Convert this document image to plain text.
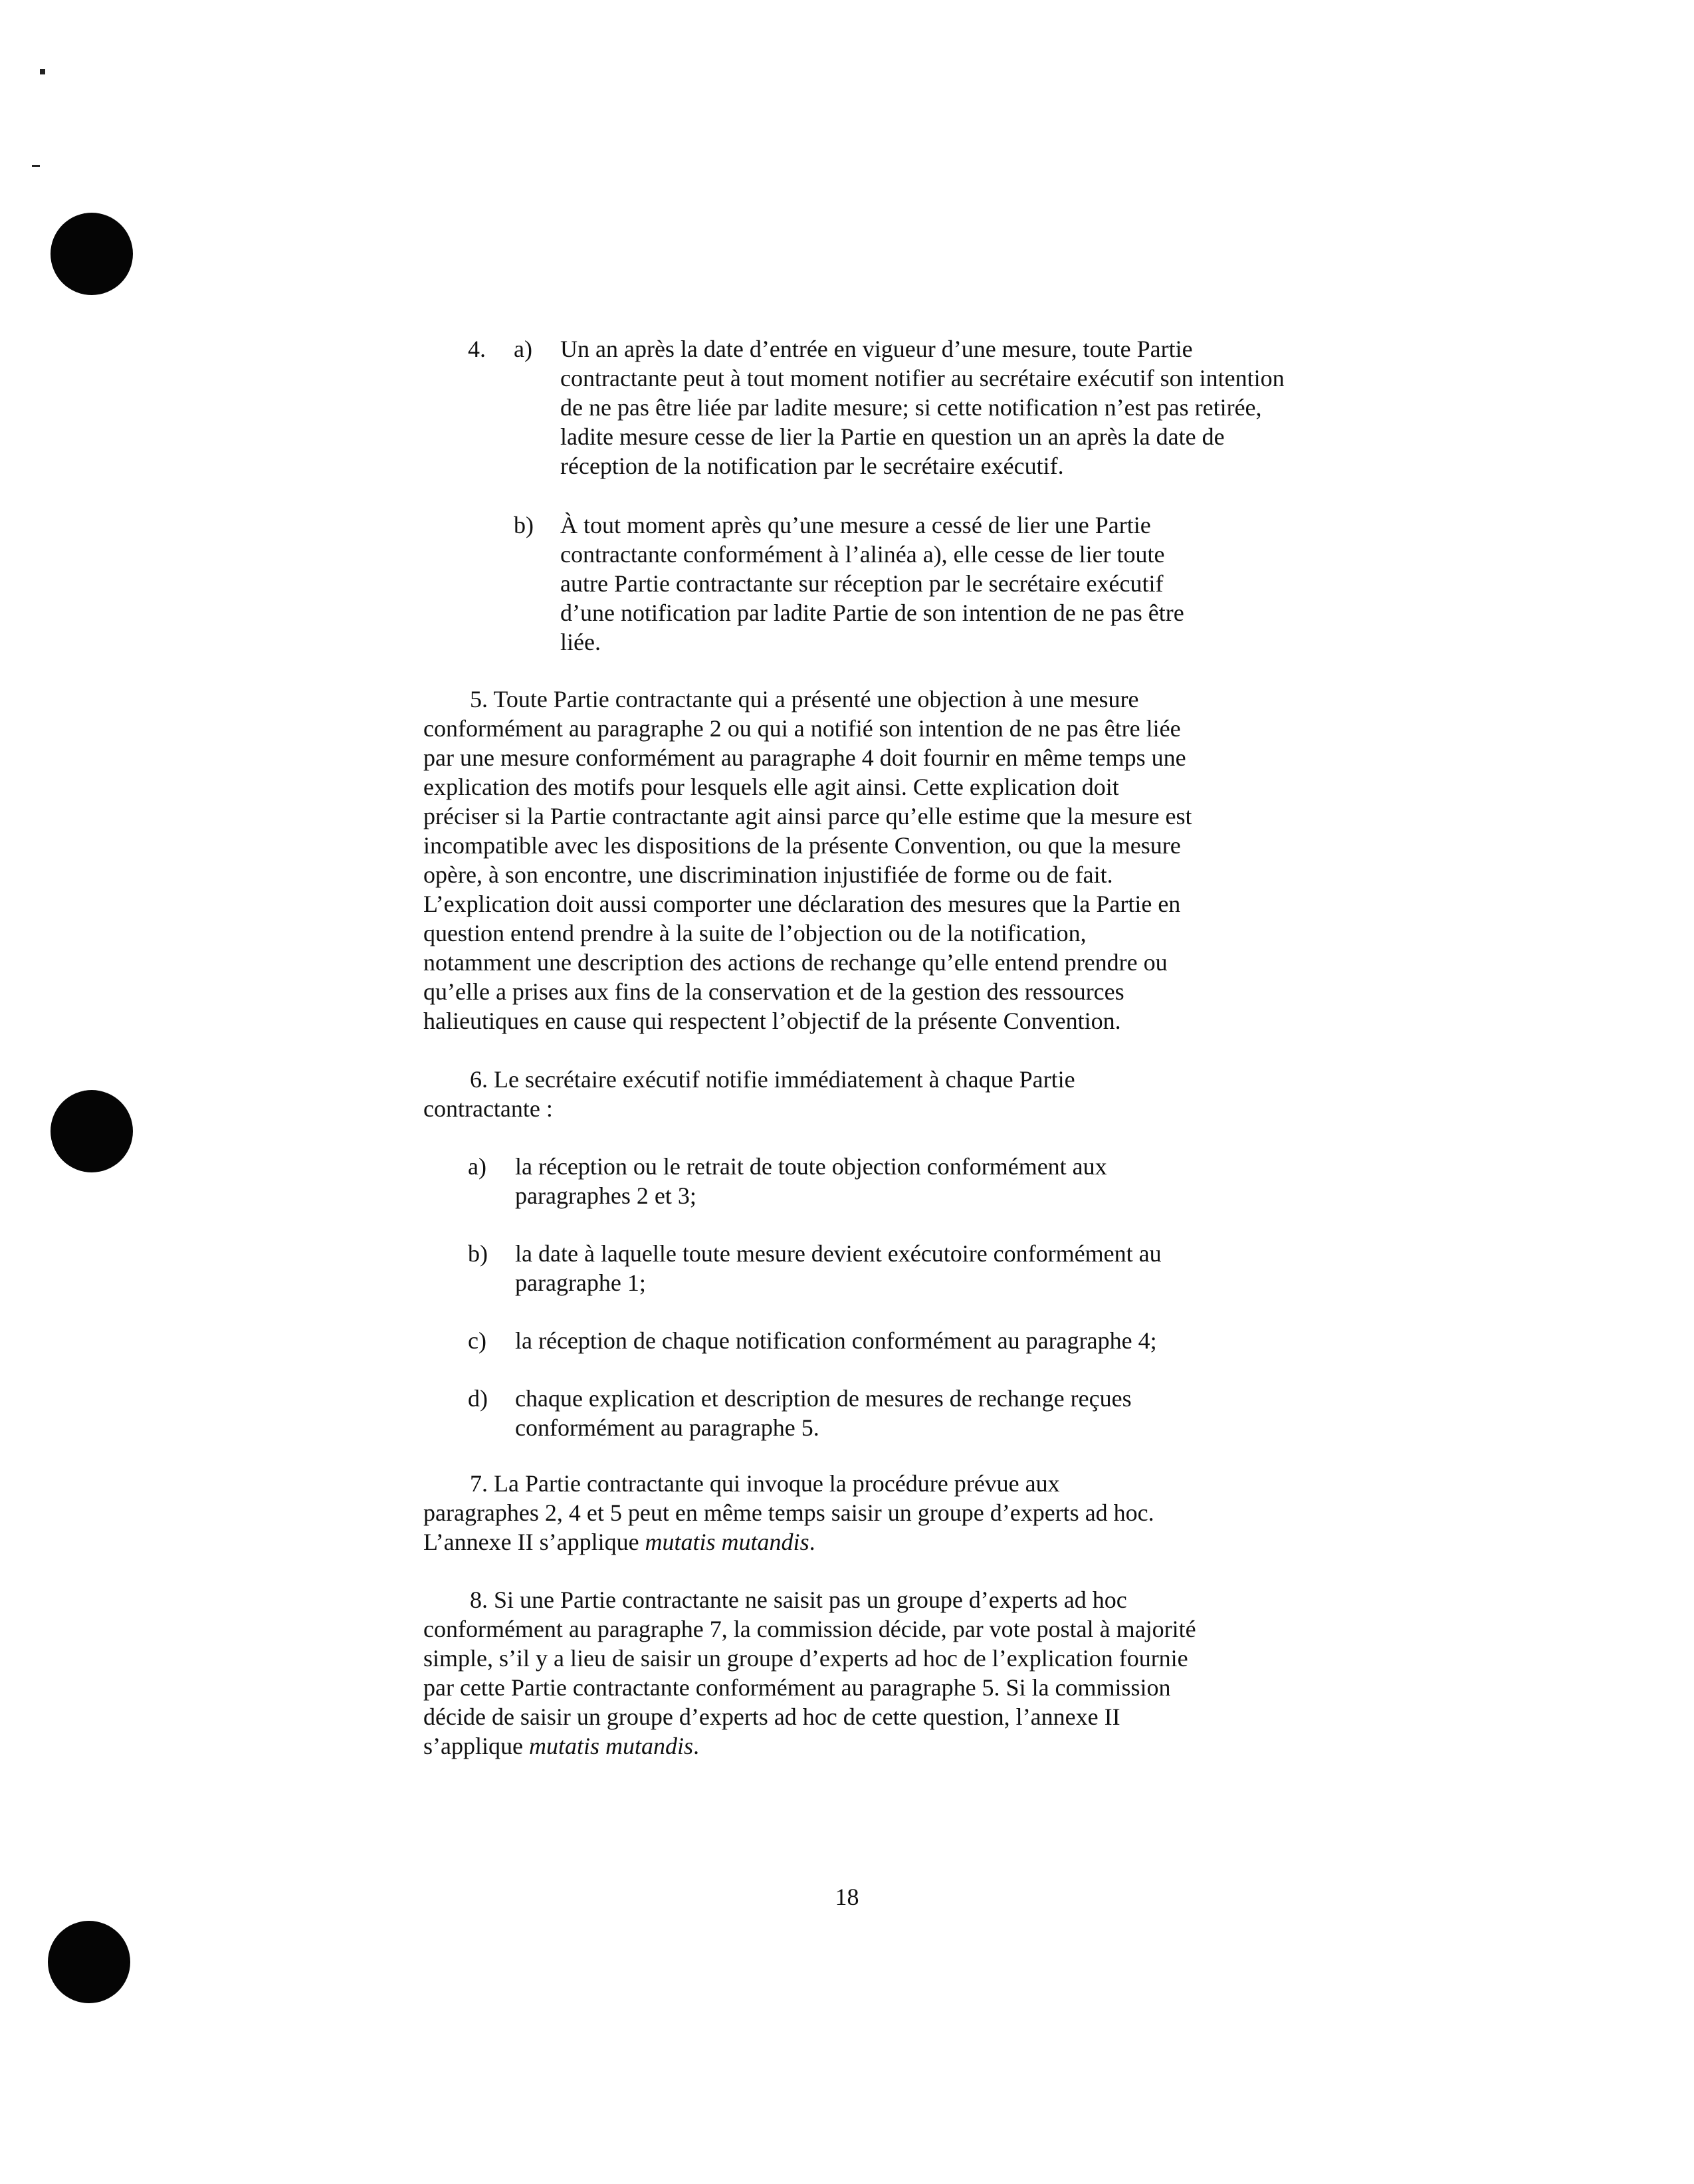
4. a) Un an après la date d’entrée en vigueur d’une mesure, toute Partie
contractante peut à tout moment notifier au secrétaire exécutif son intention
de ne pas être liée par ladite mesure; si cette notification n’est pas retirée,
ladite mesure cesse de lier la Partie en question un an après la date de
réception de la notification par le secrétaire exécutif.
b) À tout moment après qu’une mesure a cessé de lier une Partie
contractante conformément à l’alinéa a), elle cesse de lier toute
autre Partie contractante sur réception par le secrétaire exécutif
d’une notification par ladite Partie de son intention de ne pas être
liée.
5. Toute Partie contractante qui a présenté une objection à une mesure
conformément au paragraphe 2 ou qui a notifié son intention de ne pas être liée
par une mesure conformément au paragraphe 4 doit fournir en même temps une
explication des motifs pour lesquels elle agit ainsi. Cette explication doit
préciser si la Partie contractante agit ainsi parce qu’elle estime que la mesure est
incompatible avec les dispositions de la présente Convention, ou que la mesure
opère, à son encontre, une discrimination injustifiée de forme ou de fait.
L’explication doit aussi comporter une déclaration des mesures que la Partie en
question entend prendre à la suite de l’objection ou de la notification,
notamment une description des actions de rechange qu’elle entend prendre ou
qu’elle a prises aux fins de la conservation et de la gestion des ressources
halieutiques en cause qui respectent l’objectif de la présente Convention.
6. Le secrétaire exécutif notifie immédiatement à chaque Partie
contractante :
a) la réception ou le retrait de toute objection conformément aux
paragraphes 2 et 3;
b) la date à laquelle toute mesure devient exécutoire conformément au
paragraphe 1;
c) la réception de chaque notification conformément au paragraphe 4;
d) chaque explication et description de mesures de rechange reçues
conformément au paragraphe 5.
7. La Partie contractante qui invoque la procédure prévue aux
paragraphes 2, 4 et 5 peut en même temps saisir un groupe d’experts ad hoc.
L’annexe II s’applique mutatis mutandis.
8. Si une Partie contractante ne saisit pas un groupe d’experts ad hoc
conformément au paragraphe 7, la commission décide, par vote postal à majorité
simple, s’il y a lieu de saisir un groupe d’experts ad hoc de l’explication fournie
par cette Partie contractante conformément au paragraphe 5. Si la commission
décide de saisir un groupe d’experts ad hoc de cette question, l’annexe II
s’applique mutatis mutandis.
18
